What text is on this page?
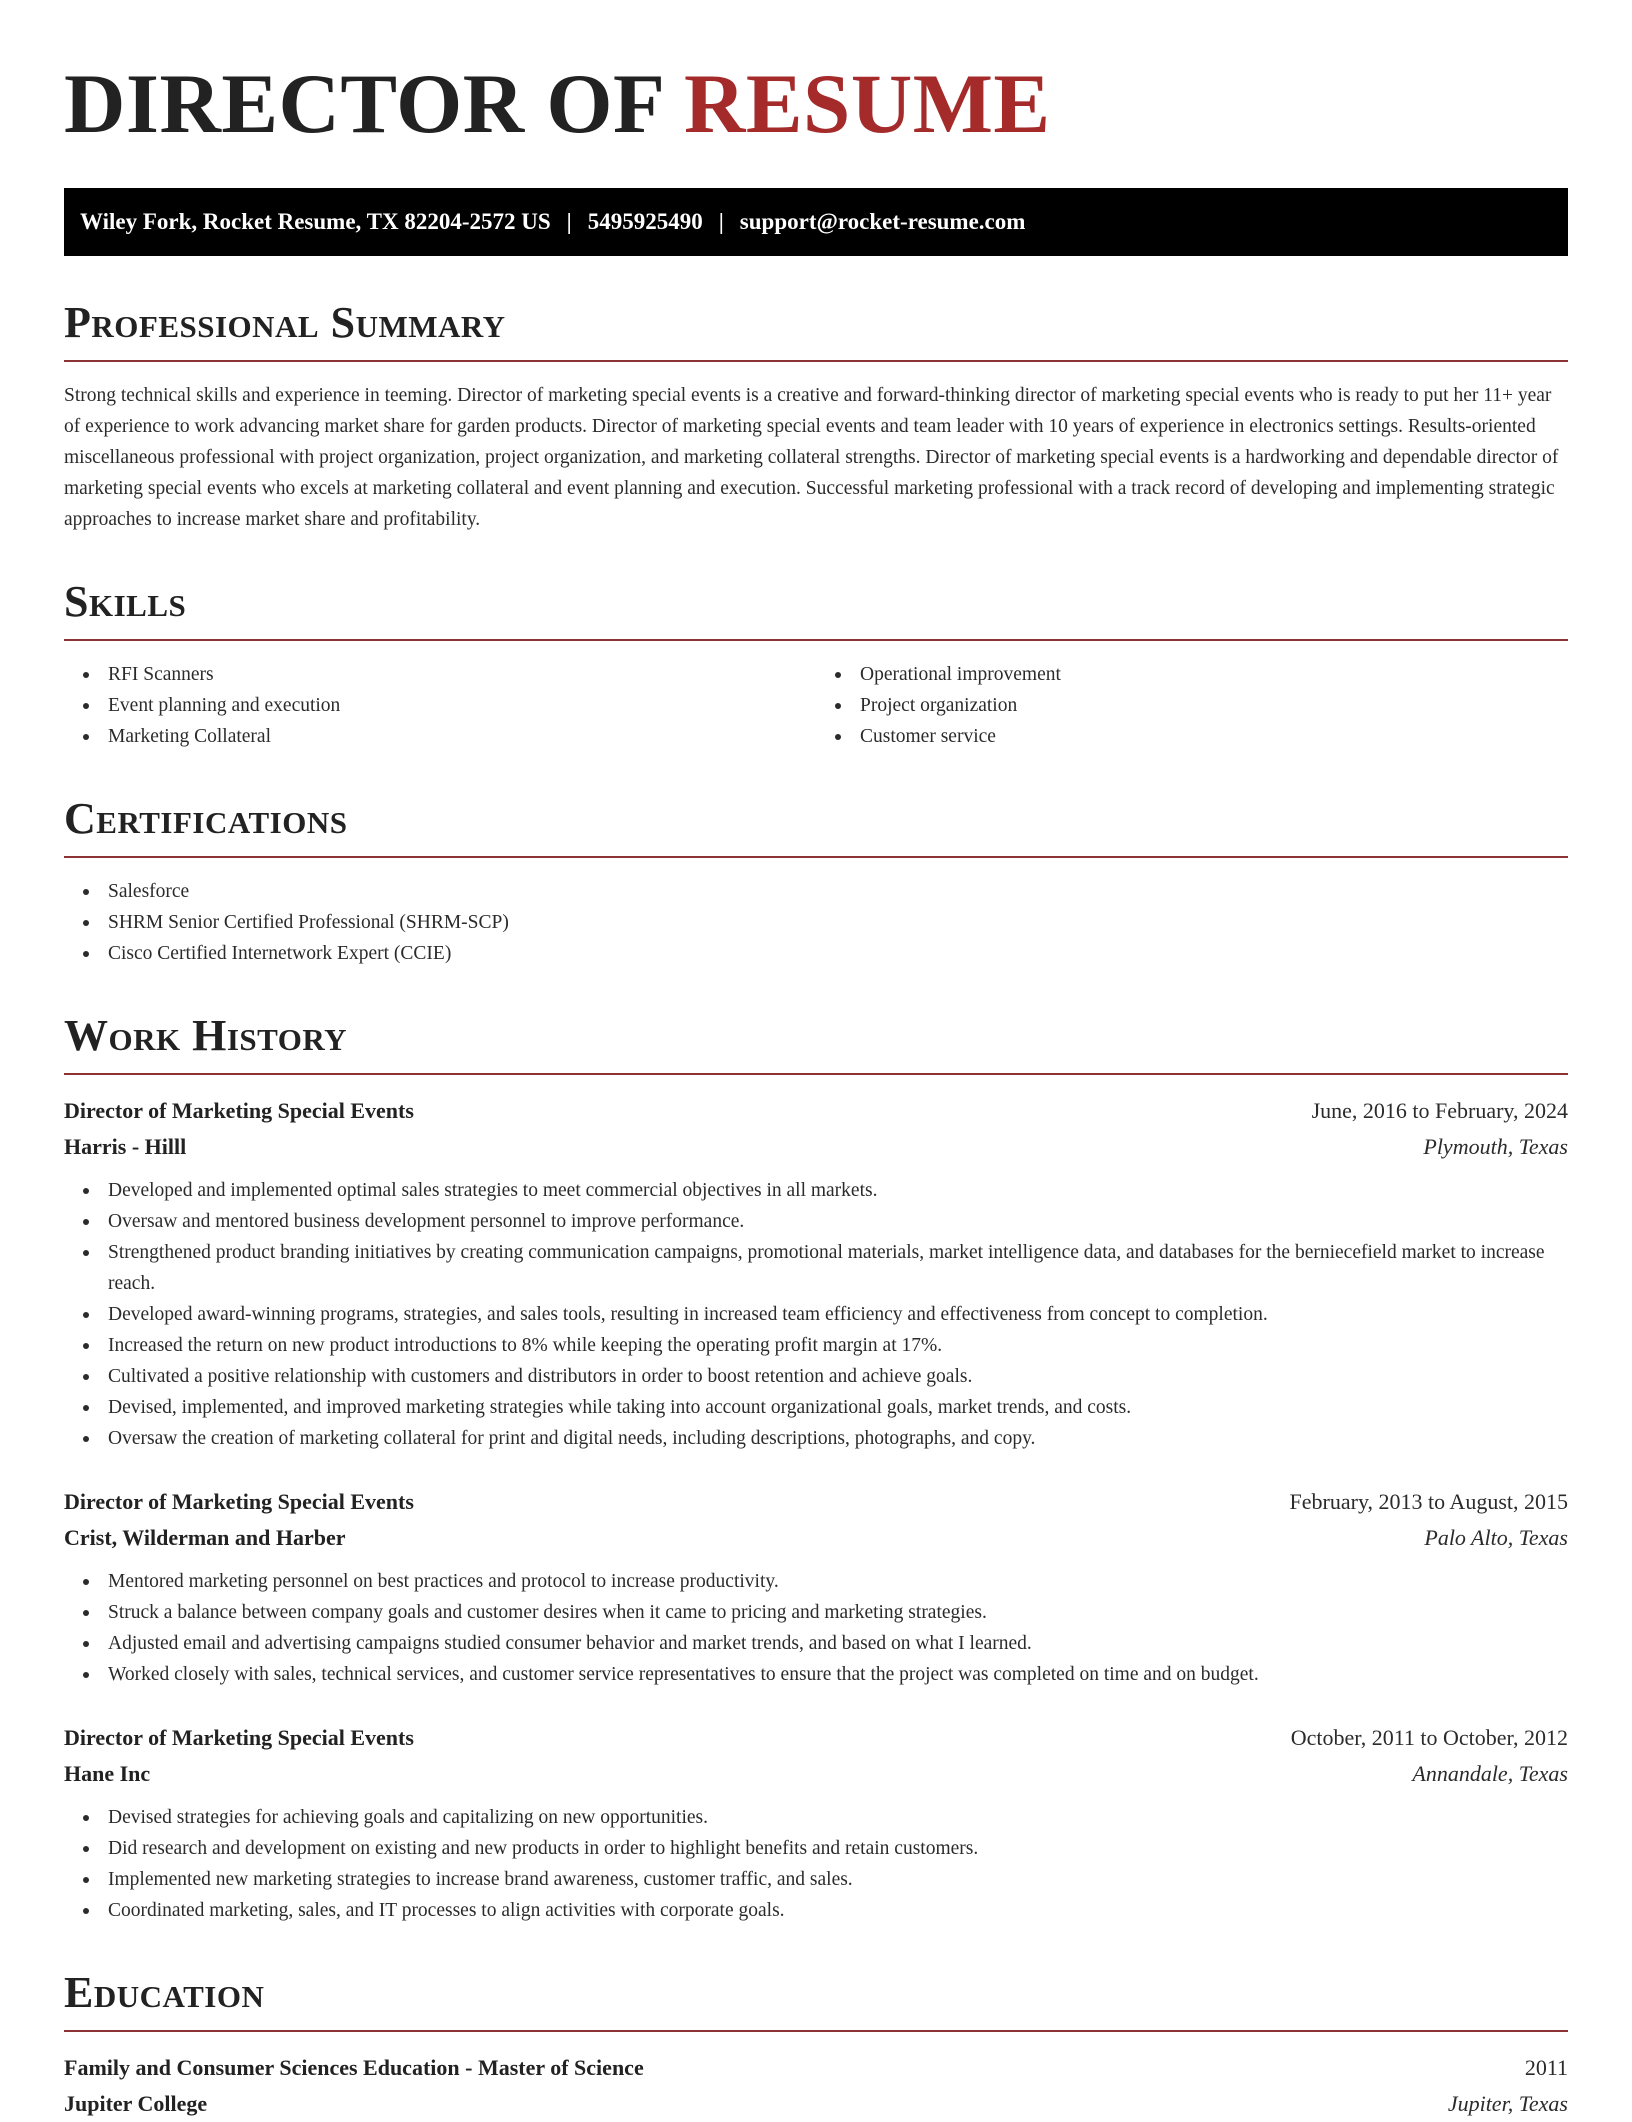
DIRECTOR OF RESUME
Wiley Fork, Rocket Resume, TX 82204-2572 US | 5495925490 | support@rocket-resume.com
Professional Summary

Strong technical skills and experience in teeming. Director of marketing special events is a creative and forward-thinking director of marketing special events who is ready to put her 11+ year of experience to work advancing market share for garden products. Director of marketing special events and team leader with 10 years of experience in electronics settings. Results-oriented miscellaneous professional with project organization, project organization, and marketing collateral strengths. Director of marketing special events is a hardworking and dependable director of marketing special events who excels at marketing collateral and event planning and execution. Successful marketing professional with a track record of developing and implementing strategic approaches to increase market share and profitability.

Skills
RFI Scanners
Event planning and execution
Marketing Collateral
Operational improvement
Project organization
Customer service
Certifications
Salesforce
SHRM Senior Certified Professional (SHRM-SCP)
Cisco Certified Internetwork Expert (CCIE)
Work History
Director of Marketing Special Events	June, 2016 to February, 2024
Harris - Hilll	Plymouth, Texas
Developed and implemented optimal sales strategies to meet commercial objectives in all markets.
Oversaw and mentored business development personnel to improve performance.
Strengthened product branding initiatives by creating communication campaigns, promotional materials, market intelligence data, and databases for the berniecefield market to increase reach.
Developed award-winning programs, strategies, and sales tools, resulting in increased team efficiency and effectiveness from concept to completion.
Increased the return on new product introductions to 8% while keeping the operating profit margin at 17%.
Cultivated a positive relationship with customers and distributors in order to boost retention and achieve goals.
Devised, implemented, and improved marketing strategies while taking into account organizational goals, market trends, and costs.
Oversaw the creation of marketing collateral for print and digital needs, including descriptions, photographs, and copy.
Director of Marketing Special Events	February, 2013 to August, 2015
Crist, Wilderman and Harber	Palo Alto, Texas
Mentored marketing personnel on best practices and protocol to increase productivity.
Struck a balance between company goals and customer desires when it came to pricing and marketing strategies.
Adjusted email and advertising campaigns studied consumer behavior and market trends, and based on what I learned.
Worked closely with sales, technical services, and customer service representatives to ensure that the project was completed on time and on budget.
Director of Marketing Special Events	October, 2011 to October, 2012
Hane Inc	Annandale, Texas
Devised strategies for achieving goals and capitalizing on new opportunities.
Did research and development on existing and new products in order to highlight benefits and retain customers.
Implemented new marketing strategies to increase brand awareness, customer traffic, and sales.
Coordinated marketing, sales, and IT processes to align activities with corporate goals.
Education
Family and Consumer Sciences Education - Master of Science	2011
Jupiter College	Jupiter, Texas
